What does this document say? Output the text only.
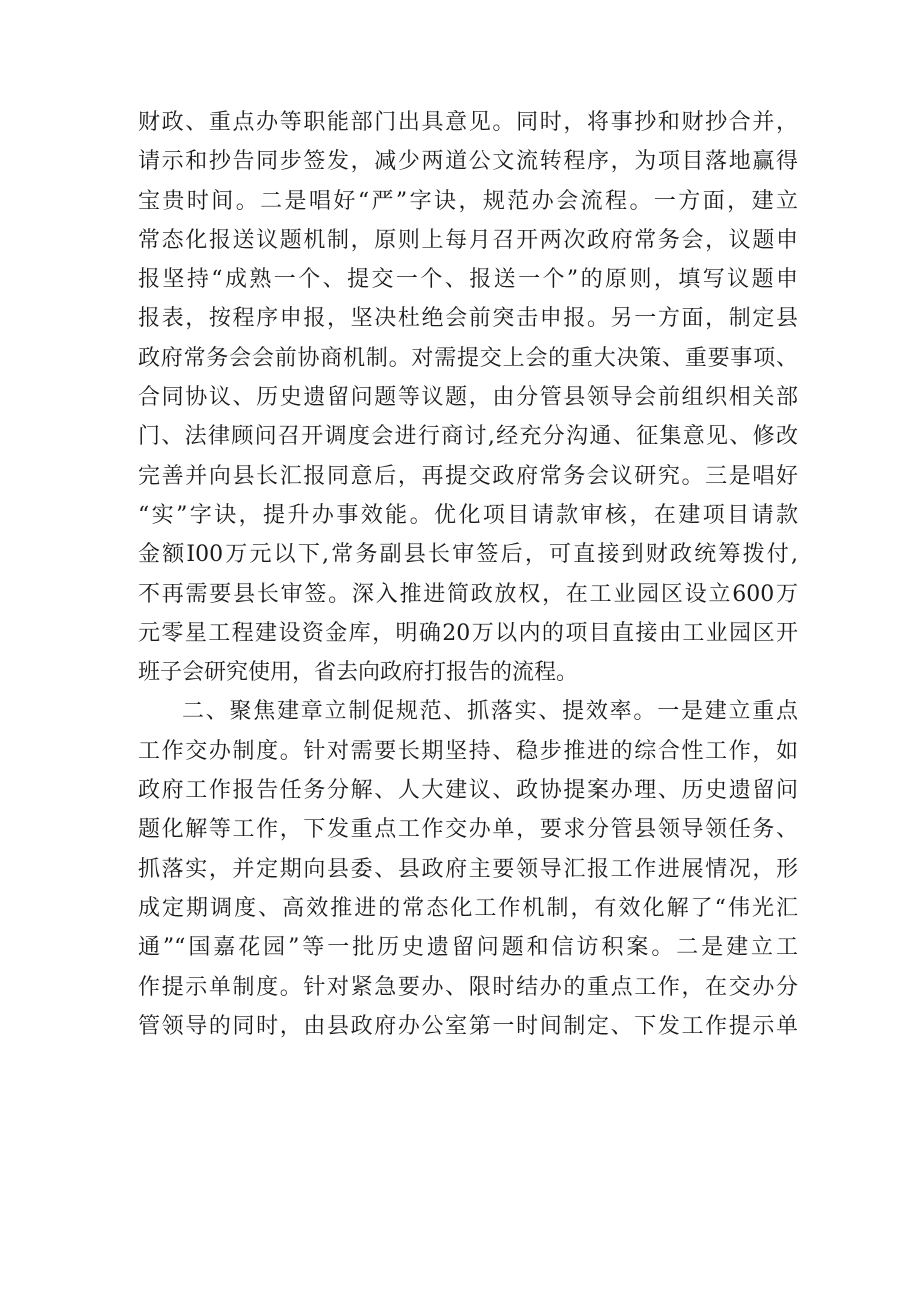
财政、重点办等职能部门出具意见。同时，将事抄和财抄合并，
请示和抄告同步签发，减少两道公文流转程序，为项目落地赢得
宝贵时间。二是唱好“严”字诀，规范办会流程。一方面，建立
常态化报送议题机制，原则上每月召开两次政府常务会，议题申
报坚持“成熟一个、提交一个、报送一个”的原则，填写议题申
报表，按程序申报，坚决杜绝会前突击申报。另一方面，制定县
政府常务会会前协商机制。对需提交上会的重大决策、重要事项、
合同协议、历史遗留问题等议题，由分管县领导会前组织相关部
门、法律顾问召开调度会进行商讨,经充分沟通、征集意见、修改
完善并向县长汇报同意后，再提交政府常务会议研究。三是唱好
“实”字诀，提升办事效能。优化项目请款审核，在建项目请款
金额I00万元以下,常务副县长审签后，可直接到财政统筹拨付,
不再需要县长审签。深入推进简政放权，在工业园区设立600万
元零星工程建设资金库，明确20万以内的项目直接由工业园区开
班子会研究使用，省去向政府打报告的流程。
二、聚焦建章立制促规范、抓落实、提效率。一是建立重点
工作交办制度。针对需要长期坚持、稳步推进的综合性工作，如
政府工作报告任务分解、人大建议、政协提案办理、历史遗留问
题化解等工作，下发重点工作交办单，要求分管县领导领任务、
抓落实，并定期向县委、县政府主要领导汇报工作进展情况，形
成定期调度、高效推进的常态化工作机制，有效化解了“伟光汇
通”“国嘉花园”等一批历史遗留问题和信访积案。二是建立工
作提示单制度。针对紧急要办、限时结办的重点工作，在交办分
管领导的同时，由县政府办公室第一时间制定、下发工作提示单
